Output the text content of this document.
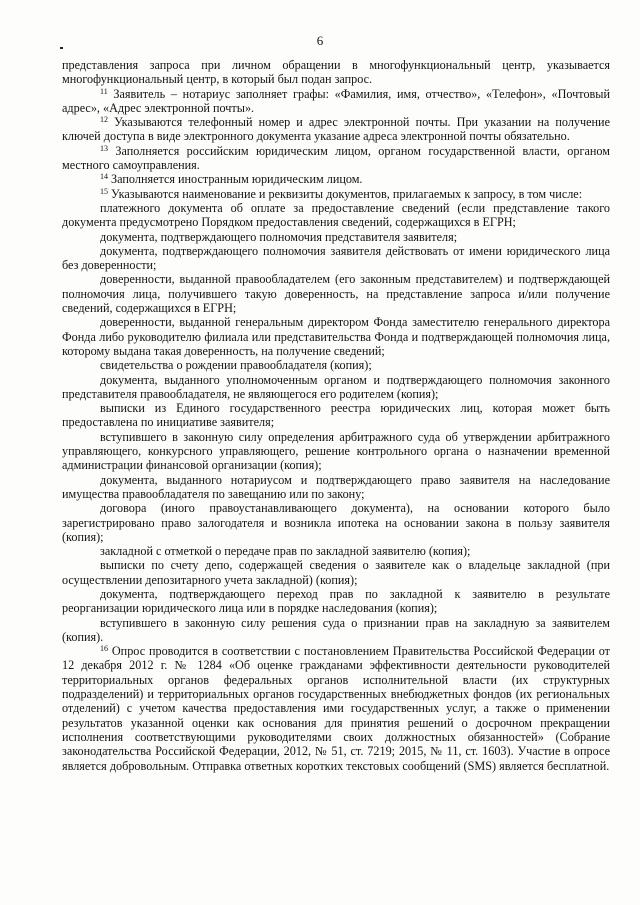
6

представления запроса при личном обращении в многофункциональный центр, указывается многофункциональный центр, в который был подан запрос.

$^{11}$ Заявитель – нотариус заполняет графы: «Фамилия, имя, отчество», «Телефон», «Почтовый адрес», «Адрес электронной почты».

$^{12}$ Указываются телефонный номер и адрес электронной почты. При указании на получение ключей доступа в виде электронного документа указание адреса электронной почты обязательно.

$^{13}$ Заполняется российским юридическим лицом, органом государственной власти, органом местного самоуправления.

$^{14}$ Заполняется иностранным юридическим лицом.

$^{15}$ Указываются наименование и реквизиты документов, прилагаемых к запросу, в том числе:

платежного документа об оплате за предоставление сведений (если представление такого документа предусмотрено Порядком предоставления сведений, содержащихся в ЕГРН;

документа, подтверждающего полномочия представителя заявителя;

документа, подтверждающего полномочия заявителя действовать от имени юридического лица без доверенности;

доверенности, выданной правообладателем (его законным представителем) и подтверждающей полномочия лица, получившего такую доверенность, на представление запроса и/или получение сведений, содержащихся в ЕГРН;

доверенности, выданной генеральным директором Фонда заместителю генерального директора Фонда либо руководителю филиала или представительства Фонда и подтверждающей полномочия лица, которому выдана такая доверенность, на получение сведений;

свидетельства о рождении правообладателя (копия);

документа, выданного уполномоченным органом и подтверждающего полномочия законного представителя правообладателя, не являющегося его родителем (копия);

выписки из Единого государственного реестра юридических лиц, которая может быть предоставлена по инициативе заявителя;

вступившего в законную силу определения арбитражного суда об утверждении арбитражного управляющего, конкурсного управляющего, решение контрольного органа о назначении временной администрации финансовой организации (копия);

документа, выданного нотариусом и подтверждающего право заявителя на наследование имущества правообладателя по завещанию или по закону;

договора (иного правоустанавливающего документа), на основании которого было зарегистрировано право залогодателя и возникла ипотека на основании закона в пользу заявителя (копия);

закладной с отметкой о передаче прав по закладной заявителю (копия);

выписки по счету депо, содержащей сведения о заявителе как о владельце закладной (при осуществлении депозитарного учета закладной) (копия);

документа, подтверждающего переход прав по закладной к заявителю в результате реорганизации юридического лица или в порядке наследования (копия);

вступившего в законную силу решения суда о признании прав на закладную за заявителем (копия).

$^{16}$ Опрос проводится в соответствии с постановлением Правительства Российской Федерации от 12 декабря 2012 г. № 1284 «Об оценке гражданами эффективности деятельности руководителей территориальных органов федеральных органов исполнительной власти (их структурных подразделений) и территориальных органов государственных внебюджетных фондов (их региональных отделений) с учетом качества предоставления ими государственных услуг, а также о применении результатов указанной оценки как основания для принятия решений о досрочном прекращении исполнения соответствующими руководителями своих должностных обязанностей» (Собрание законодательства Российской Федерации, 2012, № 51, ст. 7219; 2015, № 11, ст. 1603). Участие в опросе является добровольным. Отправка ответных коротких текстовых сообщений (SMS) является бесплатной.
